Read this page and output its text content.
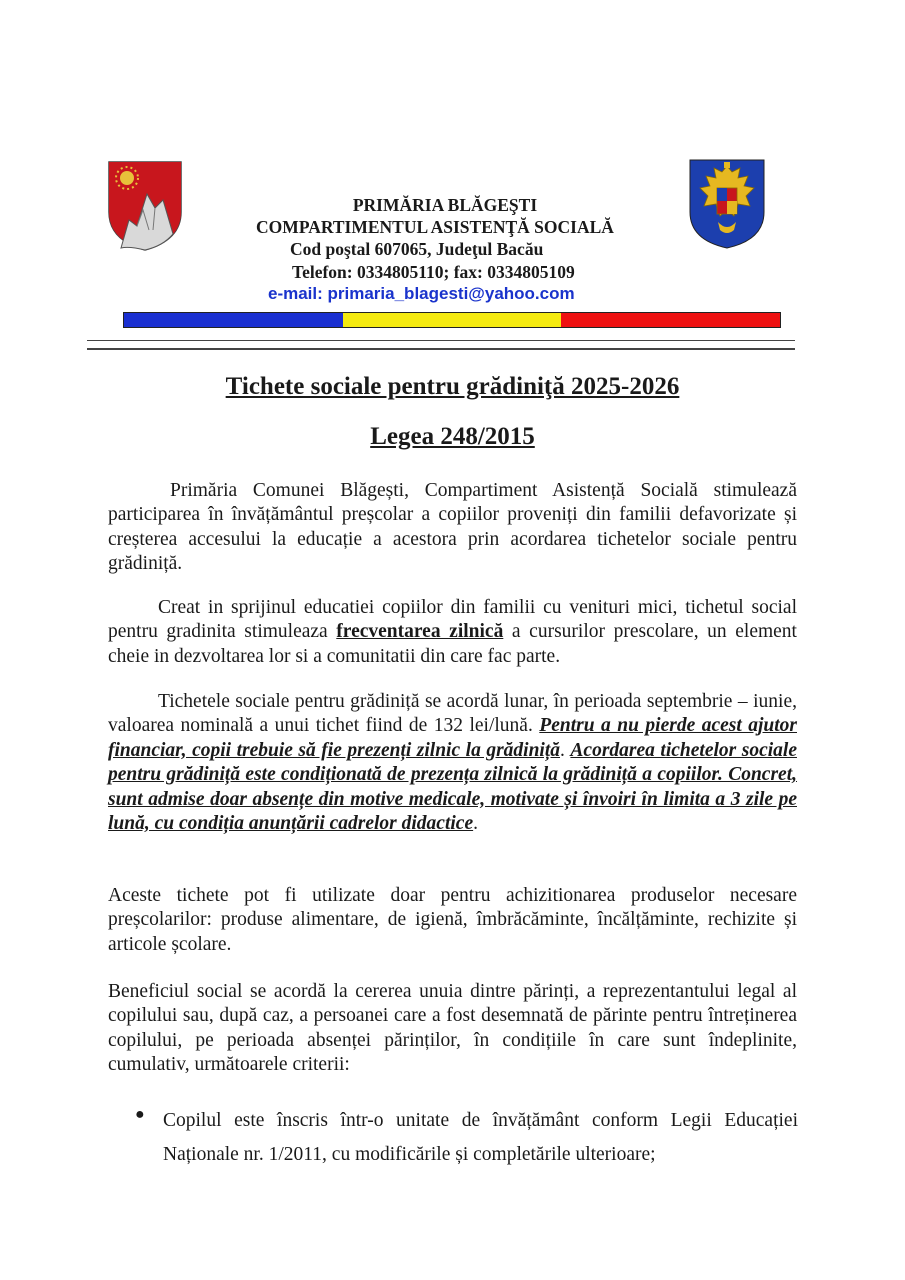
PRIMĂRIA BLĂGEŞTI
COMPARTIMENTUL ASISTENŢĂ SOCIALĂ
Cod poştal 607065, Judeţul Bacău
Telefon: 0334805110; fax: 0334805109
e-mail: primaria_blagesti@yahoo.com
Tichete sociale pentru grădiniţă 2025-2026
Legea 248/2015
Primăria Comunei Blăgești, Compartiment Asistență Socială stimulează participarea în învățământul preșcolar a copiilor proveniți din familii defavorizate și creșterea accesului la educație a acestora prin acordarea tichetelor sociale pentru grădiniță.
Creat in sprijinul educatiei copiilor din familii cu venituri mici, tichetul social pentru gradinita stimuleaza frecventarea zilnică a cursurilor prescolare, un element cheie in dezvoltarea lor si a comunitatii din care fac parte.
Tichetele sociale pentru grădiniță se acordă lunar, în perioada septembrie – iunie, valoarea nominală a unui tichet fiind de 132 lei/lună. Pentru a nu pierde acest ajutor financiar, copii trebuie să fie prezenți zilnic la grădiniță. Acordarea tichetelor sociale pentru grădiniță este condiționată de prezența zilnică la grădiniță a copiilor. Concret, sunt admise doar absențe din motive medicale, motivate și învoiri în limita a 3 zile pe lună, cu condiția anunțării cadrelor didactice.
Aceste tichete pot fi utilizate doar pentru achizitionarea produselor necesare preșcolarilor: produse alimentare, de igienă, îmbrăcăminte, încălțăminte, rechizite și articole școlare.
Beneficiul social se acordă la cererea unuia dintre părinți, a reprezentantului legal al copilului sau, după caz, a persoanei care a fost desemnată de părinte pentru întreținerea copilului, pe perioada absenței părinților, în condițiile în care sunt îndeplinite, cumulativ, următoarele criterii:
● Copilul este înscris într-o unitate de învățământ conform Legii Educației Naționale nr. 1/2011, cu modificările și completările ulterioare;
